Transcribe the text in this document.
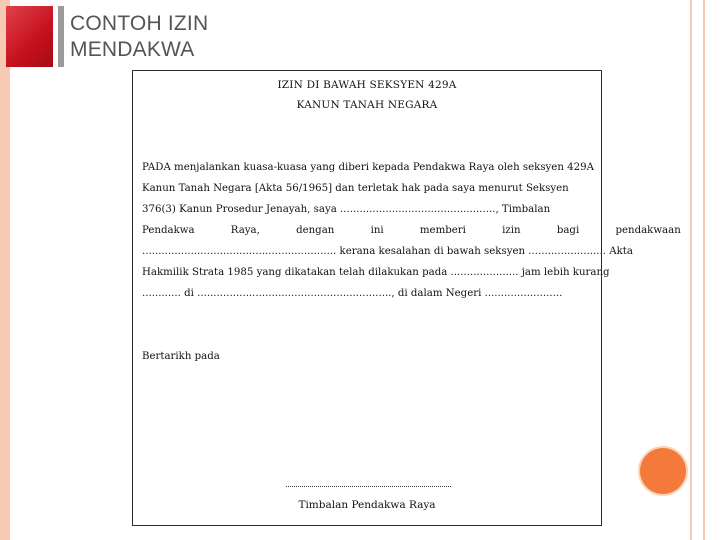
CONTOH IZIN
MENDAKWA
IZIN DI BAWAH SEKSYEN 429A
KANUN TANAH NEGARA
PADA menjalankan kuasa-kuasa yang diberi kepada Pendakwa Raya oleh seksyen 429A
Kanun Tanah Negara [Akta 56/1965] dan terletak hak pada saya menurut Seksyen
376(3) Kanun Prosedur Jenayah, saya ................................................, Timbalan
Pendakwa Raya, dengan ini memberi izin bagi pendakwaan
............................................................ kerana kesalahan di bawah seksyen ........................ Akta
Hakmilik Strata 1985 yang dikatakan telah dilakukan pada ..................... jam lebih kurang
............ di ............................................................, di dalam Negeri ........................
Bertarikh pada
Timbalan Pendakwa Raya
